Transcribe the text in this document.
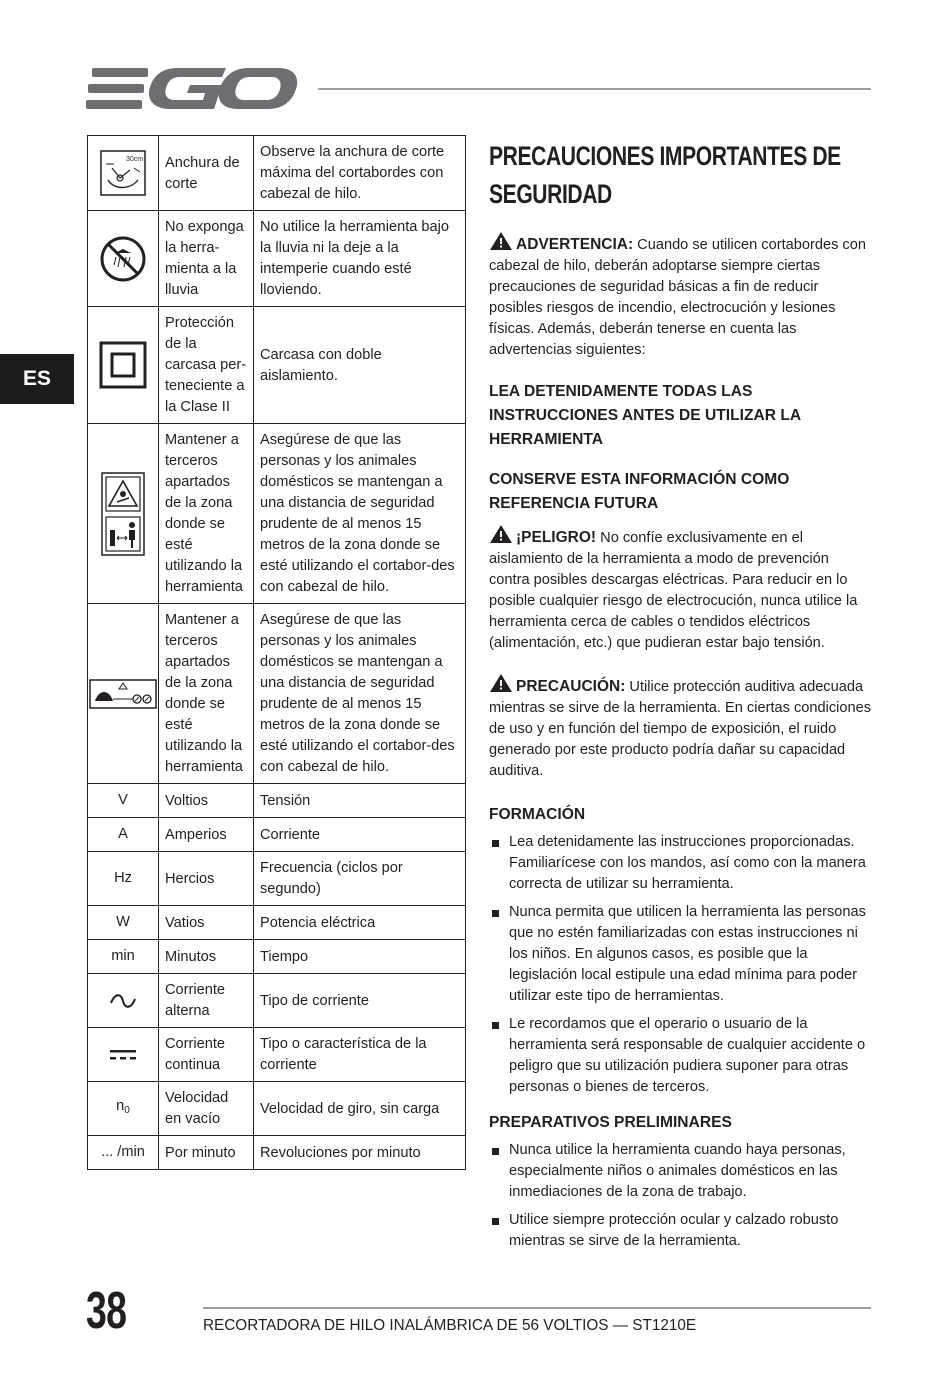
ES
30cm	Anchura de corte	Observe la anchura de corte máxima del cortabordes con cabezal de hilo.

	No exponga la herra-mienta a la lluvia	No utilice la herramienta bajo la lluvia ni la deje a la intemperie cuando esté lloviendo.

	Protección de la carcasa per-teneciente a la Clase II	Carcasa con doble aislamiento.

	Mantener a terceros apartados de la zona donde se esté utilizando la herramienta	Asegúrese de que las personas y los animales domésticos se mantengan a una distancia de seguridad prudente de al menos 15 metros de la zona donde se esté utilizando el cortabor-des con cabezal de hilo.

	Mantener a terceros apartados de la zona donde se esté utilizando la herramienta	Asegúrese de que las personas y los animales domésticos se mantengan a una distancia de seguridad prudente de al menos 15 metros de la zona donde se esté utilizando el cortabor-des con cabezal de hilo.
V	Voltios	Tensión
A	Amperios	Corriente
Hz	Hercios	Frecuencia (ciclos por segundo)
W	Vatios	Potencia eléctrica
min	Minutos	Tiempo

	Corriente alterna	Tipo de corriente

	Corriente continua	Tipo o característica de la corriente
$n_0$	Velocidad en vacío	Velocidad de giro, sin carga
... /min	Por minuto	Revoluciones por minuto
PRECAUCIONES IMPORTANTES DE
SEGURIDAD

ADVERTENCIA: Cuando se utilicen cortabordes con cabezal de hilo, deberán adoptarse siempre ciertas precauciones de seguridad básicas a fin de reducir posibles riesgos de incendio, electrocución y lesiones físicas. Además, deberán tenerse en cuenta las advertencias siguientes:

LEA DETENIDAMENTE TODAS LAS INSTRUCCIONES ANTES DE UTILIZAR LA HERRAMIENTA
CONSERVE ESTA INFORMACIÓN COMO REFERENCIA FUTURA

¡PELIGRO! No confíe exclusivamente en el aislamiento de la herramienta a modo de prevención contra posibles descargas eléctricas. Para reducir en lo posible cualquier riesgo de electrocución, nunca utilice la herramienta cerca de cables o tendidos eléctricos (alimentación, etc.) que pudieran estar bajo tensión.

PRECAUCIÓN: Utilice protección auditiva adecuada mientras se sirve de la herramienta. En ciertas condiciones de uso y en función del tiempo de exposición, el ruido generado por este producto podría dañar su capacidad auditiva.

FORMACIÓN
Lea detenidamente las instrucciones proporcionadas. Familiarícese con los mandos, así como con la manera correcta de utilizar su herramienta.
Nunca permita que utilicen la herramienta las personas que no estén familiarizadas con estas instrucciones ni los niños. En algunos casos, es posible que la legislación local estipule una edad mínima para poder utilizar este tipo de herramientas.
Le recordamos que el operario o usuario de la herramienta será responsable de cualquier accidente o peligro que su utilización pudiera suponer para otras personas o bienes de terceros.
PREPARATIVOS PRELIMINARES
Nunca utilice la herramienta cuando haya personas, especialmente niños o animales domésticos en las inmediaciones de la zona de trabajo.
Utilice siempre protección ocular y calzado robusto mientras se sirve de la herramienta.
38	RECORTADORA DE HILO INALÁMBRICA DE 56 VOLTIOS — ST1210E
